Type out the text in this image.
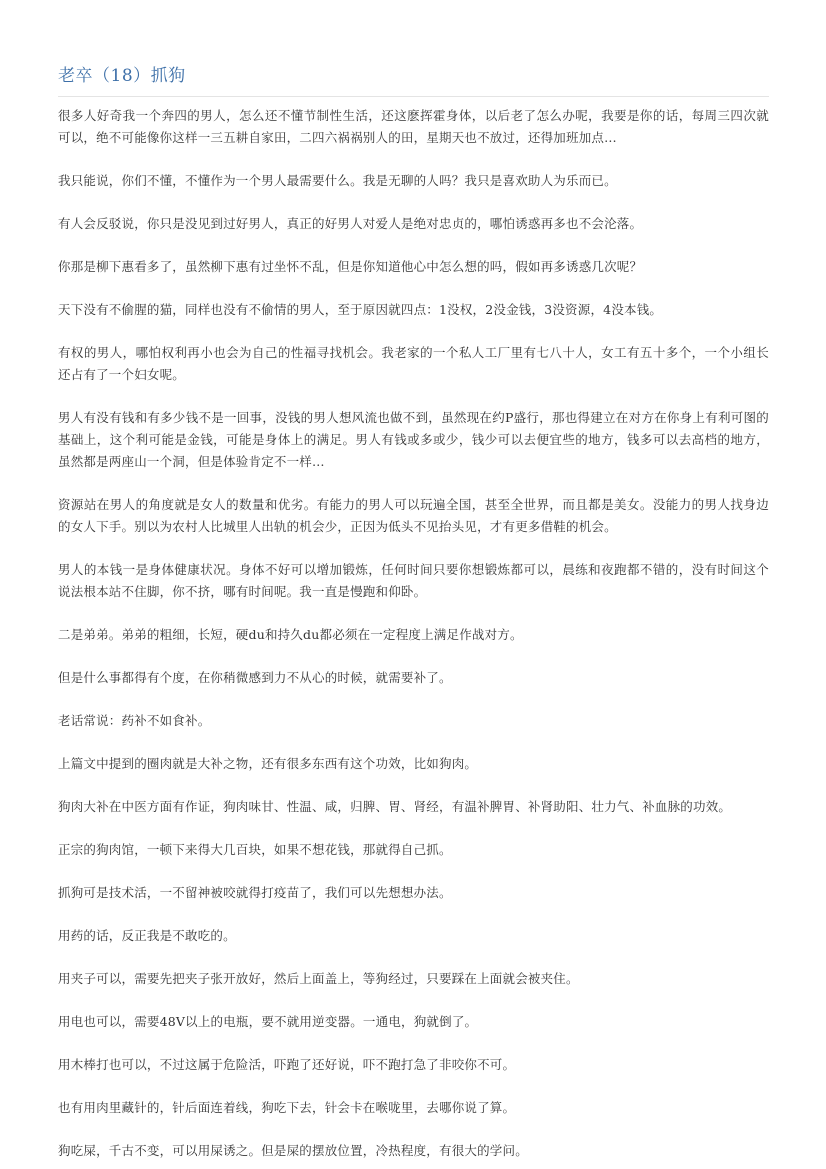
老卒（18）抓狗

很多人好奇我一个奔四的男人，怎么还不懂节制性生活，还这麽挥霍身体，以后老了怎么办呢，我要是你的话，每周三四次就可以，绝不可能像你这样一三五耕自家田，二四六祸祸别人的田，星期天也不放过，还得加班加点…

我只能说，你们不懂，不懂作为一个男人最需要什么。我是无聊的人吗？我只是喜欢助人为乐而已。

有人会反驳说，你只是没见到过好男人，真正的好男人对爱人是绝对忠贞的，哪怕诱惑再多也不会沦落。

你那是柳下惠看多了，虽然柳下惠有过坐怀不乱，但是你知道他心中怎么想的吗，假如再多诱惑几次呢？

天下没有不偷腥的猫，同样也没有不偷情的男人，至于原因就四点：1没权，2没金钱，3没资源，4没本钱。

有权的男人，哪怕权利再小也会为自己的性福寻找机会。我老家的一个私人工厂里有七八十人，女工有五十多个，一个小组长还占有了一个妇女呢。

男人有没有钱和有多少钱不是一回事，没钱的男人想风流也做不到，虽然现在约P盛行，那也得建立在对方在你身上有利可图的基础上，这个利可能是金钱，可能是身体上的满足。男人有钱或多或少，钱少可以去便宜些的地方，钱多可以去高档的地方，虽然都是两座山一个洞，但是体验肯定不一样…

资源站在男人的角度就是女人的数量和优劣。有能力的男人可以玩遍全国，甚至全世界，而且都是美女。没能力的男人找身边的女人下手。别以为农村人比城里人出轨的机会少，正因为低头不见抬头见，才有更多借鞋的机会。

男人的本钱一是身体健康状况。身体不好可以增加锻炼，任何时间只要你想锻炼都可以，晨练和夜跑都不错的，没有时间这个说法根本站不住脚，你不挤，哪有时间呢。我一直是慢跑和仰卧。

二是弟弟。弟弟的粗细，长短，硬du和持久du都必须在一定程度上满足作战对方。

但是什么事都得有个度，在你稍微感到力不从心的时候，就需要补了。

老话常说：药补不如食补。

上篇文中提到的圈肉就是大补之物，还有很多东西有这个功效，比如狗肉。

狗肉大补在中医方面有作证，狗肉味甘、性温、咸，归脾、胃、肾经，有温补脾胃、补肾助阳、壮力气、补血脉的功效。

正宗的狗肉馆，一顿下来得大几百块，如果不想花钱，那就得自己抓。

抓狗可是技术活，一不留神被咬就得打疫苗了，我们可以先想想办法。

用药的话，反正我是不敢吃的。

用夹子可以，需要先把夹子张开放好，然后上面盖上，等狗经过，只要踩在上面就会被夹住。

用电也可以，需要48V以上的电瓶，要不就用逆变器。一通电，狗就倒了。

用木棒打也可以，不过这属于危险活，吓跑了还好说，吓不跑打急了非咬你不可。

也有用肉里藏针的，针后面连着线，狗吃下去，针会卡在喉咙里，去哪你说了算。

狗吃屎，千古不变，可以用屎诱之。但是屎的摆放位置，冷热程度，有很大的学问。
